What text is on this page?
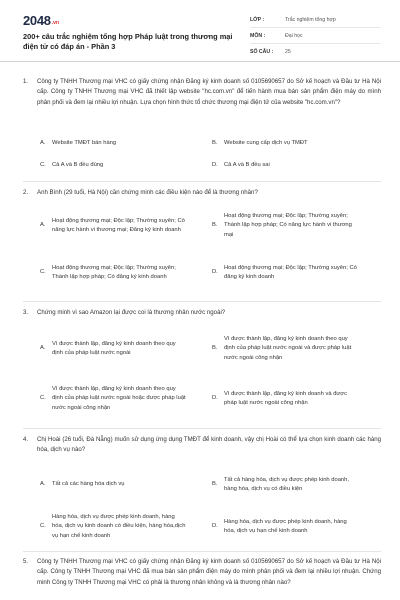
2048.vn
200+ câu trắc nghiệm tổng hợp Pháp luật trong thương mại điện tử có đáp án - Phần 3
LỚP :	Trắc nghiệm tổng hợp
MÔN :	Đại học
SỐ CÂU :	25
1.	Công ty TNHH Thương mại VHC có giấy chứng nhận Đăng ký kinh doanh số 0105690657 do Sở kế hoạch và Đầu tư Hà Nội cấp. Công ty TNHH Thương mại VHC đã thiết lập website "hc.com.vn" để tiến hành mua bán sản phẩm điện máy do mình phân phối và đem lại nhiều lợi nhuận. Lựa chọn hình thức tổ chức thương mại điện tử của website "hc.com.vn"?
A.	Website TMĐT bán hàng	B.	Website cung cấp dịch vụ TMĐT
C.	Cả A và B đều đúng	D.	Cả A và B đều sai
2.	Anh Bình (29 tuổi, Hà Nội) cần chứng minh các điều kiện nào để là thương nhân?
A.
Hoạt động thương mại; Độc lập; Thường xuyên; Có năng lực hành vi thương mại; Đăng ký kinh doanh
B.
Hoạt động thương mại; Độc lập; Thường xuyên; Thành lập hợp pháp; Có năng lực hành vi thương mại
C.
Hoạt động thương mại; Độc lập; Thường xuyên; Thành lập hợp pháp; Có đăng ký kinh doanh
D.
Hoạt động thương mại; Độc lập; Thường xuyên; Có đăng ký kinh doanh
3.	Chứng minh vì sao Amazon lại được coi là thương nhân nước ngoài?
A.
Vì được thành lập, đăng ký kinh doanh theo quy định của pháp luật nước ngoài
B.
Vì được thành lập, đăng ký kinh doanh theo quy định của pháp luật nước ngoài và được pháp luật nước ngoài công nhận
C.
Vì được thành lập, đăng ký kinh doanh theo quy định của pháp luật nước ngoài hoặc được pháp luật nước ngoài công nhận
D.
Vì được thành lập, đăng ký kinh doanh và được pháp luật nước ngoài công nhận
4.	Chị Hoài (26 tuổi, Đà Nẵng) muốn sử dụng ứng dụng TMĐT để kinh doanh, vậy chị Hoài có thể lựa chọn kinh doanh các hàng hóa, dịch vụ nào?
A.	Tất cả các hàng hóa dịch vụ	B.
Tất cả hàng hóa, dịch vụ được phép kinh doanh, hàng hóa, dịch vụ có điều kiện
C.
Hàng hóa, dịch vụ được phép kinh doanh, hàng hóa, dịch vụ kinh doanh có điều kiện, hàng hóa,dịch vụ hạn chế kinh doanh
D.
Hàng hóa, dịch vụ được phép kinh doanh, hàng hóa, dịch vụ hạn chế kinh doanh
5.	Công ty TNHH Thương mại VHC có giấy chứng nhận Đăng ký kinh doanh số 0105690657 do Sở kế hoạch và Đầu tư Hà Nội cấp. Công ty TNHH Thương mại VHC đã mua bán sản phẩm điện máy do mình phân phối và đem lại nhiều lợi nhuận. Chứng minh Công ty TNHH Thương mại VHC có phải là thương nhân không và là thương nhân nào?
